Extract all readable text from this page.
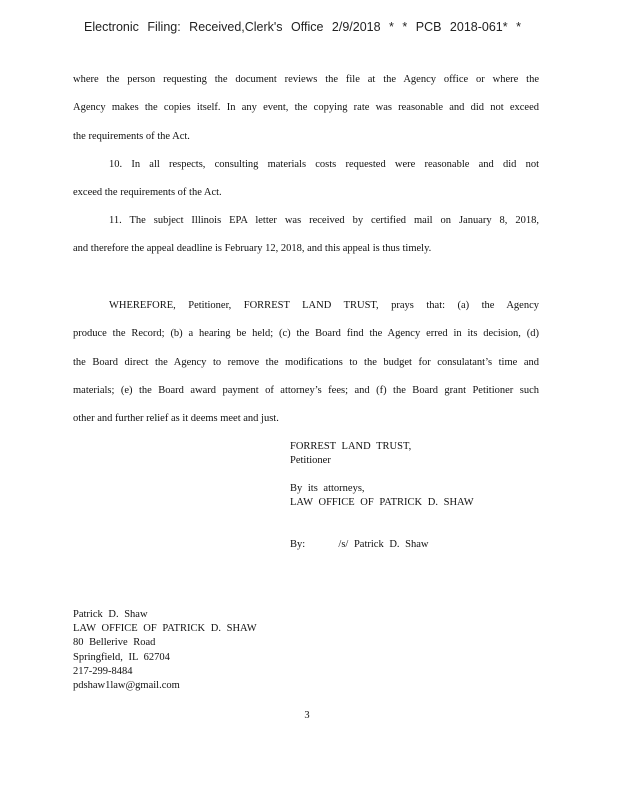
Electronic Filing: Received,Clerk's Office 2/9/2018 * * PCB 2018-061* *
where the person requesting the document reviews the file at the Agency office or where the
Agency makes the copies itself. In any event, the copying rate was reasonable and did not exceed
the requirements of the Act.
10. In all respects, consulting materials costs requested were reasonable and did not
exceed the requirements of the Act.
11. The subject Illinois EPA letter was received by certified mail on January 8, 2018,
and therefore the appeal deadline is February 12, 2018, and this appeal is thus timely.
WHEREFORE, Petitioner, FORREST LAND TRUST, prays that: (a) the Agency
produce the Record; (b) a hearing be held; (c) the Board find the Agency erred in its decision, (d)
the Board direct the Agency to remove the modifications to the budget for consulatant’s time and
materials; (e) the Board award payment of attorney’s fees; and (f) the Board grant Petitioner such
other and further relief as it deems meet and just.
FORREST LAND TRUST,
Petitioner
By its attorneys,
LAW OFFICE OF PATRICK D. SHAW
By:	/s/ Patrick D. Shaw
Patrick D. Shaw
LAW OFFICE OF PATRICK D. SHAW
80 Bellerive Road
Springfield, IL 62704
217-299-8484
pdshaw1law@gmail.com
3
